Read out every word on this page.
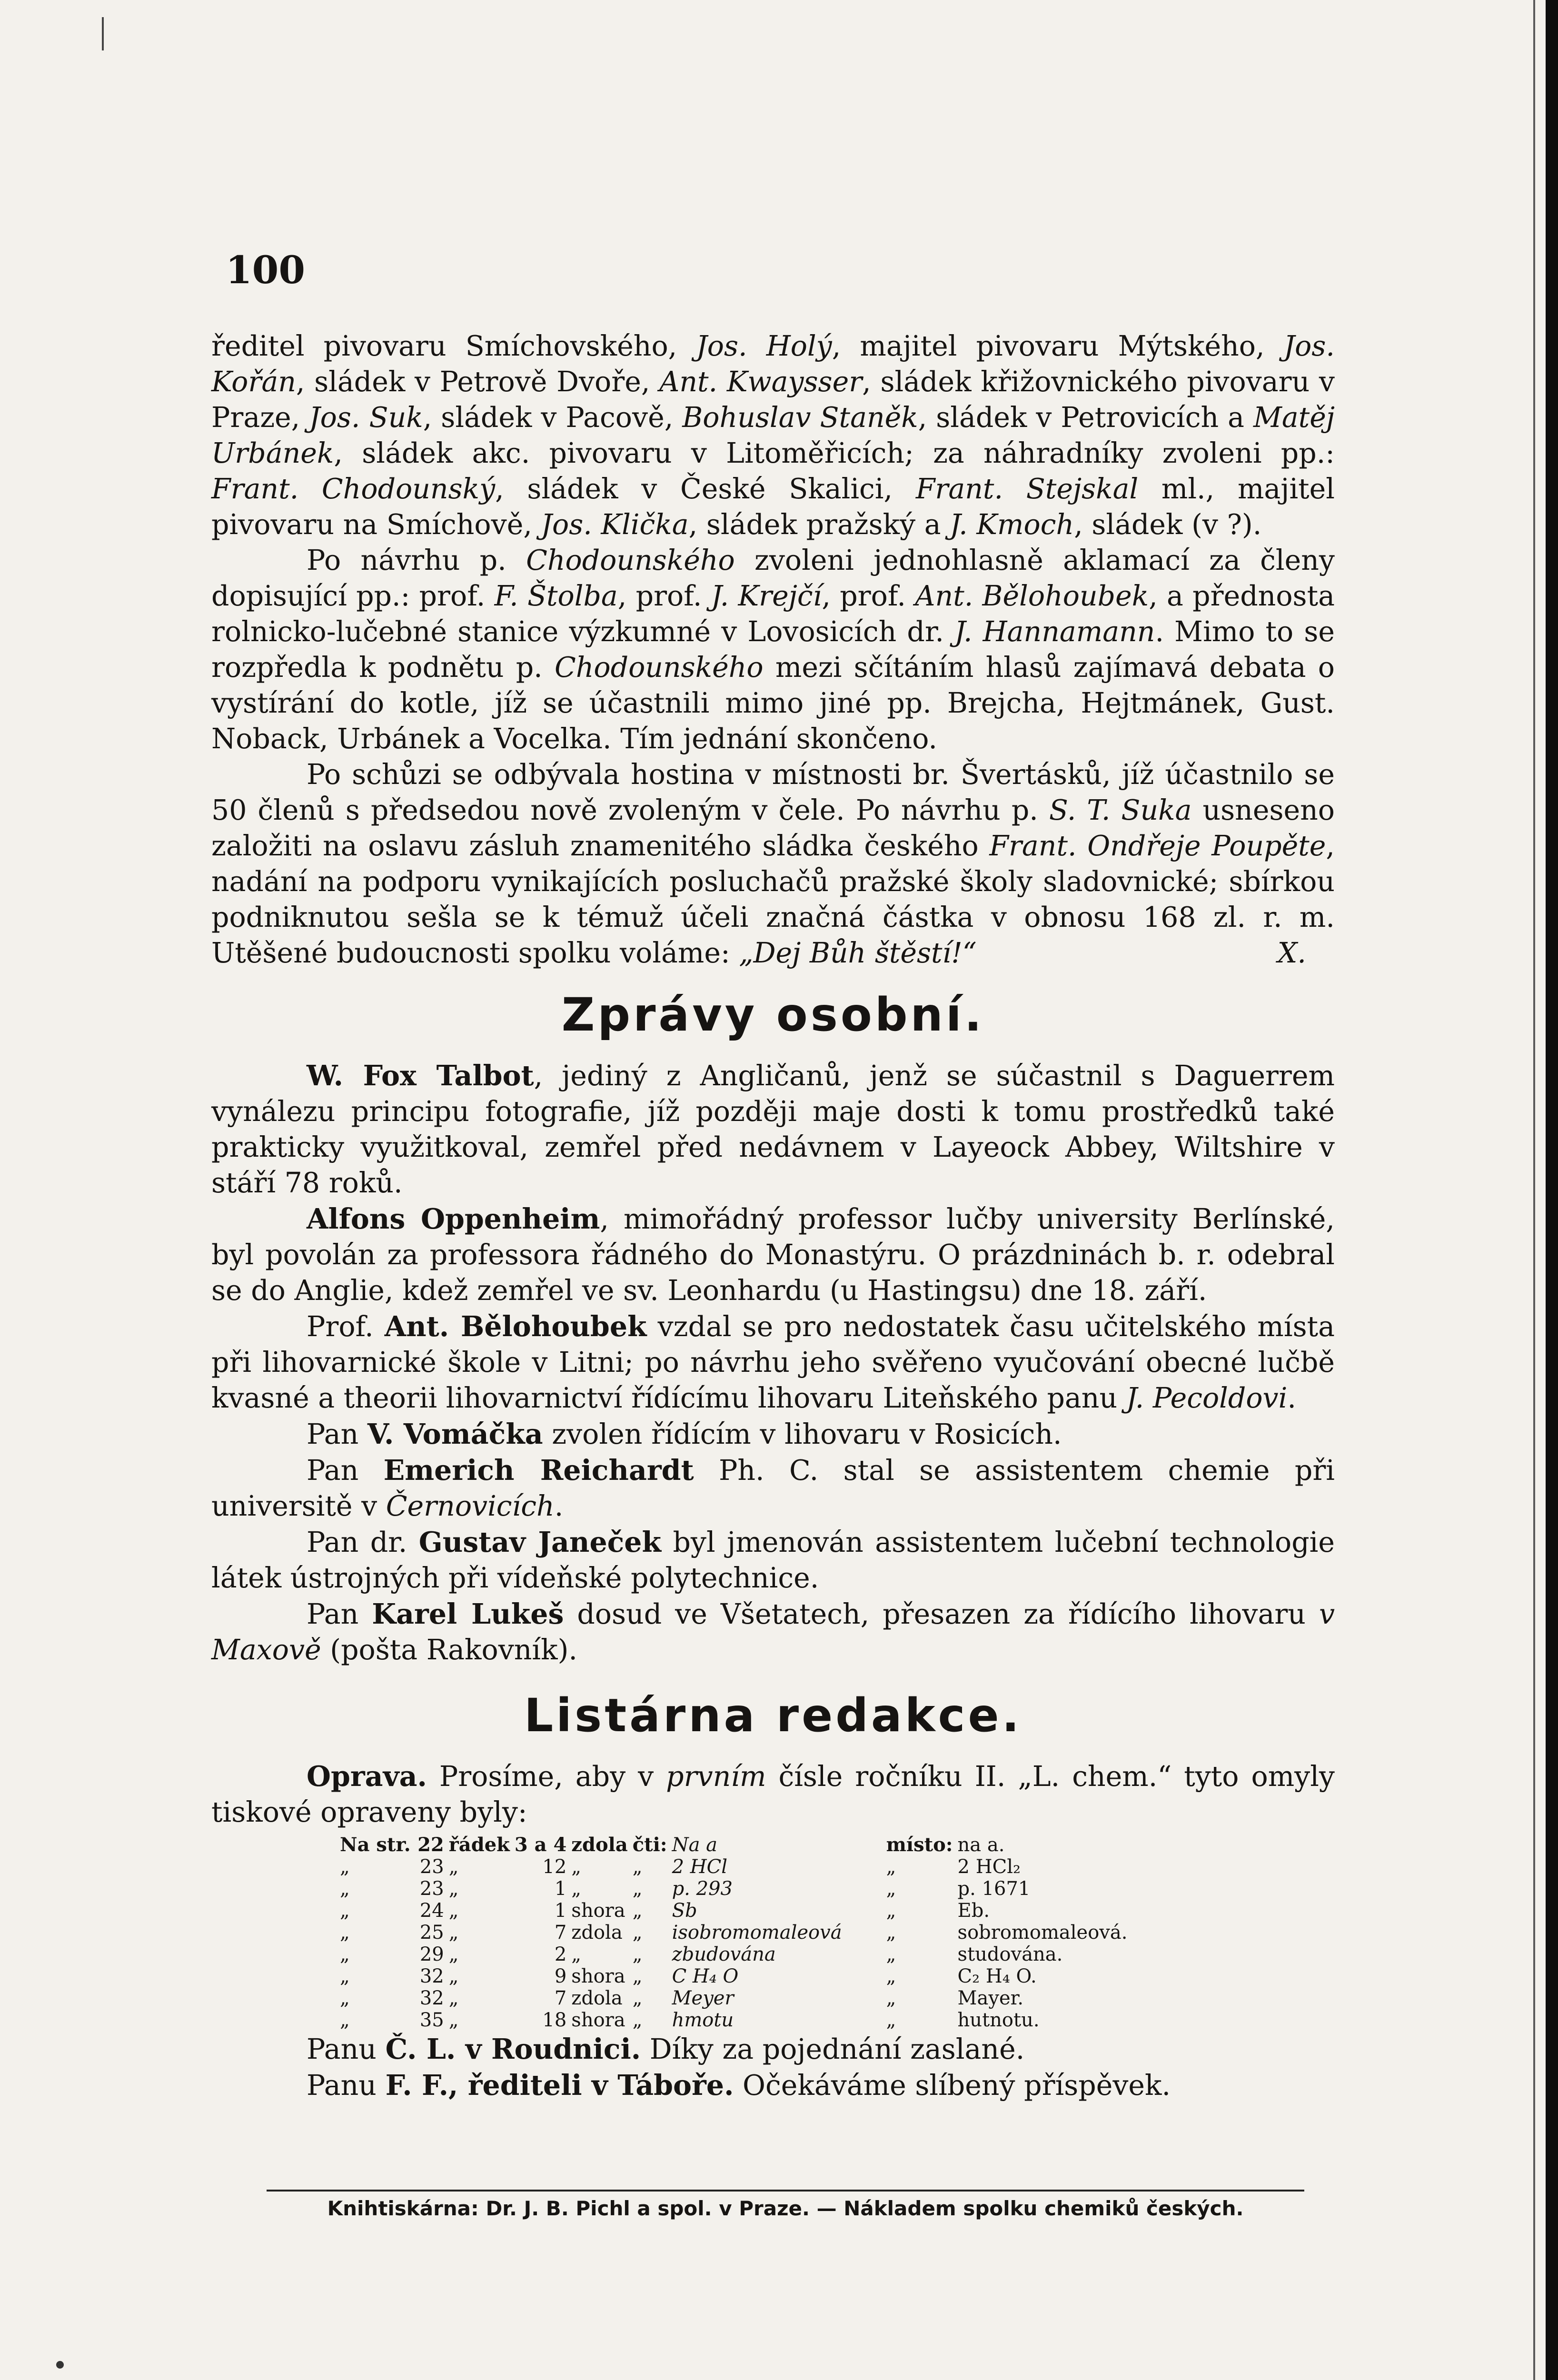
100

ředitel pivovaru Smíchovského, Jos. Holý, majitel pivovaru Mýtského, Jos. Kořán, sládek v Petrově Dvoře, Ant. Kwaysser, sládek křižovnického pivovaru v Praze, Jos. Suk, sládek v Pacově, Bohuslav Staněk, sládek v Petrovicích a Matěj Urbánek, sládek akc. pivovaru v Litoměřicích; za náhradníky zvoleni pp.: Frant. Chodounský, sládek v České Skalici, Frant. Stejskal ml., majitel pivovaru na Smíchově, Jos. Klička, sládek pražský a J. Kmoch, sládek (v ?).

Po návrhu p. Chodounského zvoleni jednohlasně aklamací za členy dopisující pp.: prof. F. Štolba, prof. J. Krejčí, prof. Ant. Bělohoubek, a přednosta rolnicko-lučebné stanice výzkumné v Lovosicích dr. J. Hannamann. Mimo to se rozpředla k podnětu p. Chodounského mezi sčítáním hlasů zajímavá debata o vystírání do kotle, jíž se účastnili mimo jiné pp. Brejcha, Hejtmánek, Gust. Noback, Urbánek a Vocelka. Tím jednání skončeno.

Po schůzi se odbývala hostina v místnosti br. Švertásků, jíž účastnilo se 50 členů s předsedou nově zvoleným v čele. Po návrhu p. S. T. Suka usneseno založiti na oslavu zásluh znamenitého sládka českého Frant. Ondřeje Poupěte, nadání na podporu vynikajících posluchačů pražské školy sladovnické; sbírkou podniknutou sešla se k témuž účeli značná částka v obnosu 168 zl. r. m. Utěšené budoucnosti spolku voláme: „Dej Bůh štěstí!“	X.

Zprávy osobní.

W. Fox Talbot, jediný z Angličanů, jenž se súčastnil s Daguerrem vynálezu principu fotografie, jíž později maje dosti k tomu prostředků také prakticky využitkoval, zemřel před nedávnem v Layeock Abbey, Wiltshire v stáří 78 roků.

Alfons Oppenheim, mimořádný professor lučby university Berlínské, byl povolán za professora řádného do Monastýru. O prázdninách b. r. odebral se do Anglie, kdež zemřel ve sv. Leonhardu (u Hastingsu) dne 18. září.

Prof. Ant. Bělohoubek vzdal se pro nedostatek času učitelského místa při lihovarnické škole v Litni; po návrhu jeho svěřeno vyučování obecné lučbě kvasné a theorii lihovarnictví řídícímu lihovaru Liteňského panu J. Pecoldovi.

Pan V. Vomáčka zvolen řídícím v lihovaru v Rosicích.

Pan Emerich Reichardt Ph. C. stal se assistentem chemie při universitě v Černovicích.

Pan dr. Gustav Janeček byl jmenován assistentem lučební technologie látek ústrojných při vídeňské polytechnice.

Pan Karel Lukeš dosud ve Všetatech, přesazen za řídícího lihovaru v Maxově (pošta Rakovník).

Listárna redakce.

Oprava. Prosíme, aby v prvním čísle ročníku II. „L. chem.“ tyto omyly tiskové opraveny byly:

Na str.	22	řádek	3 a 4	zdola	čti:	Na a	místo:	na a.
„	23	„	12	„	„	2 HCl	„	2 HCl₂
„	23	„	1	„	„	p. 293	„	p. 1671
„	24	„	1	shora	„	Sb	„	Eb.
„	25	„	7	zdola	„	isobromomaleová	„	sobromomaleová.
„	29	„	2	„	„	zbudována	„	studována.
„	32	„	9	shora	„	C H₄ O	„	C₂ H₄ O.
„	32	„	7	zdola	„	Meyer	„	Mayer.
„	35	„	18	shora	„	hmotu	„	hutnotu.

Panu Č. L. v Roudnici. Díky za pojednání zaslané.

Panu F. F., řediteli v Táboře. Očekáváme slíbený příspěvek.

Knihtiskárna: Dr. J. B. Pichl a spol. v Praze. — Nákladem spolku chemiků českých.
